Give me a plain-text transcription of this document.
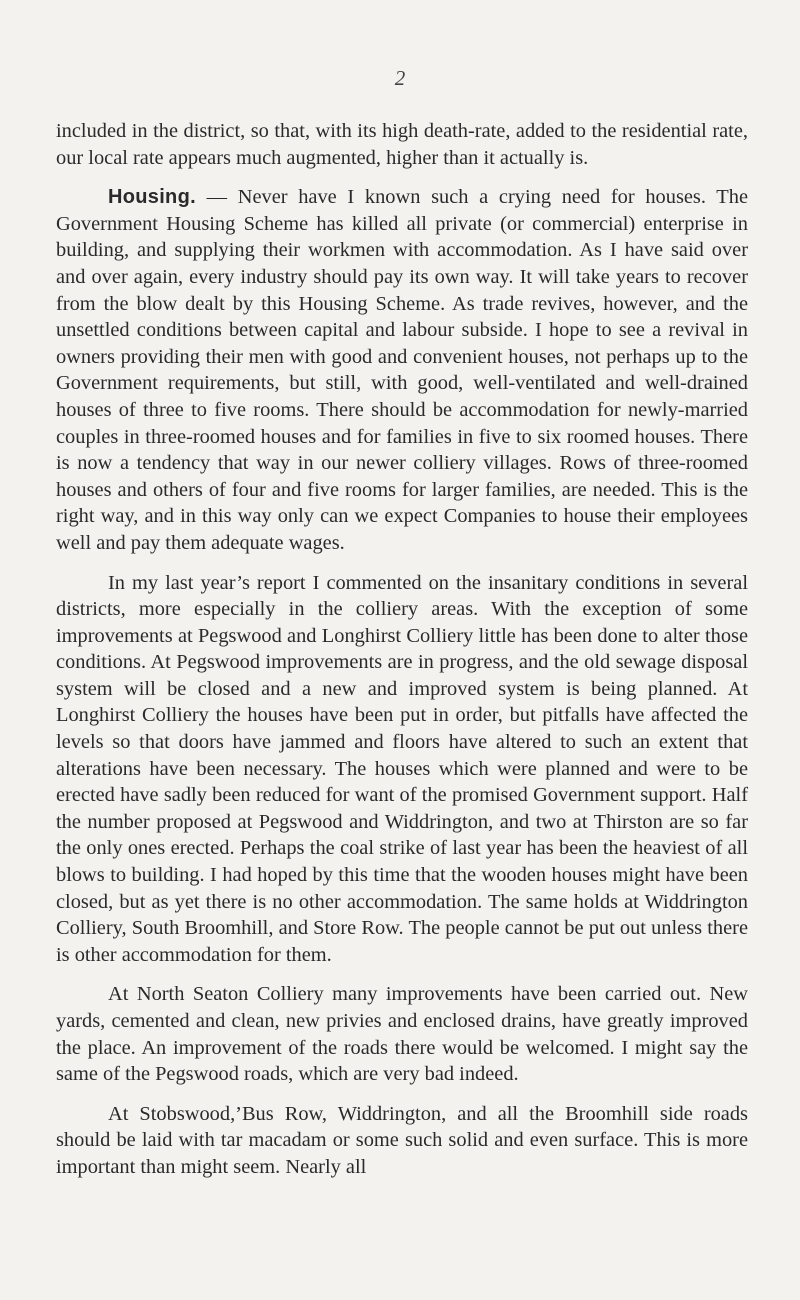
2

included in the district, so that, with its high death-rate, added to the residential rate, our local rate appears much augmented, higher than it actually is.

Housing. — Never have I known such a crying need for houses. The Government Housing Scheme has killed all private (or commercial) enterprise in building, and supplying their workmen with accommodation. As I have said over and over again, every industry should pay its own way. It will take years to recover from the blow dealt by this Housing Scheme. As trade revives, however, and the unsettled conditions between capital and labour subside. I hope to see a revival in owners providing their men with good and convenient houses, not perhaps up to the Government requirements, but still, with good, well-ventilated and well-drained houses of three to five rooms. There should be accommodation for newly-married couples in three-roomed houses and for families in five to six roomed houses. There is now a tendency that way in our newer colliery villages. Rows of three-roomed houses and others of four and five rooms for larger families, are needed. This is the right way, and in this way only can we expect Companies to house their employees well and pay them adequate wages.

In my last year’s report I commented on the insanitary conditions in several districts, more especially in the colliery areas. With the exception of some improvements at Pegswood and Longhirst Colliery little has been done to alter those conditions. At Pegswood improvements are in progress, and the old sewage disposal system will be closed and a new and improved system is being planned. At Longhirst Colliery the houses have been put in order, but pitfalls have affected the levels so that doors have jammed and floors have altered to such an extent that alterations have been necessary. The houses which were planned and were to be erected have sadly been reduced for want of the promised Government support. Half the number proposed at Pegswood and Widdrington, and two at Thirston are so far the only ones erected. Perhaps the coal strike of last year has been the heaviest of all blows to building. I had hoped by this time that the wooden houses might have been closed, but as yet there is no other accommodation. The same holds at Widdrington Colliery, South Broomhill, and Store Row. The people cannot be put out unless there is other accommodation for them.

At North Seaton Colliery many improvements have been carried out. New yards, cemented and clean, new privies and enclosed drains, have greatly improved the place. An improvement of the roads there would be welcomed. I might say the same of the Pegswood roads, which are very bad indeed.

At Stobswood,’Bus Row, Widdrington, and all the Broomhill side roads should be laid with tar macadam or some such solid and even surface. This is more important than might seem. Nearly all
